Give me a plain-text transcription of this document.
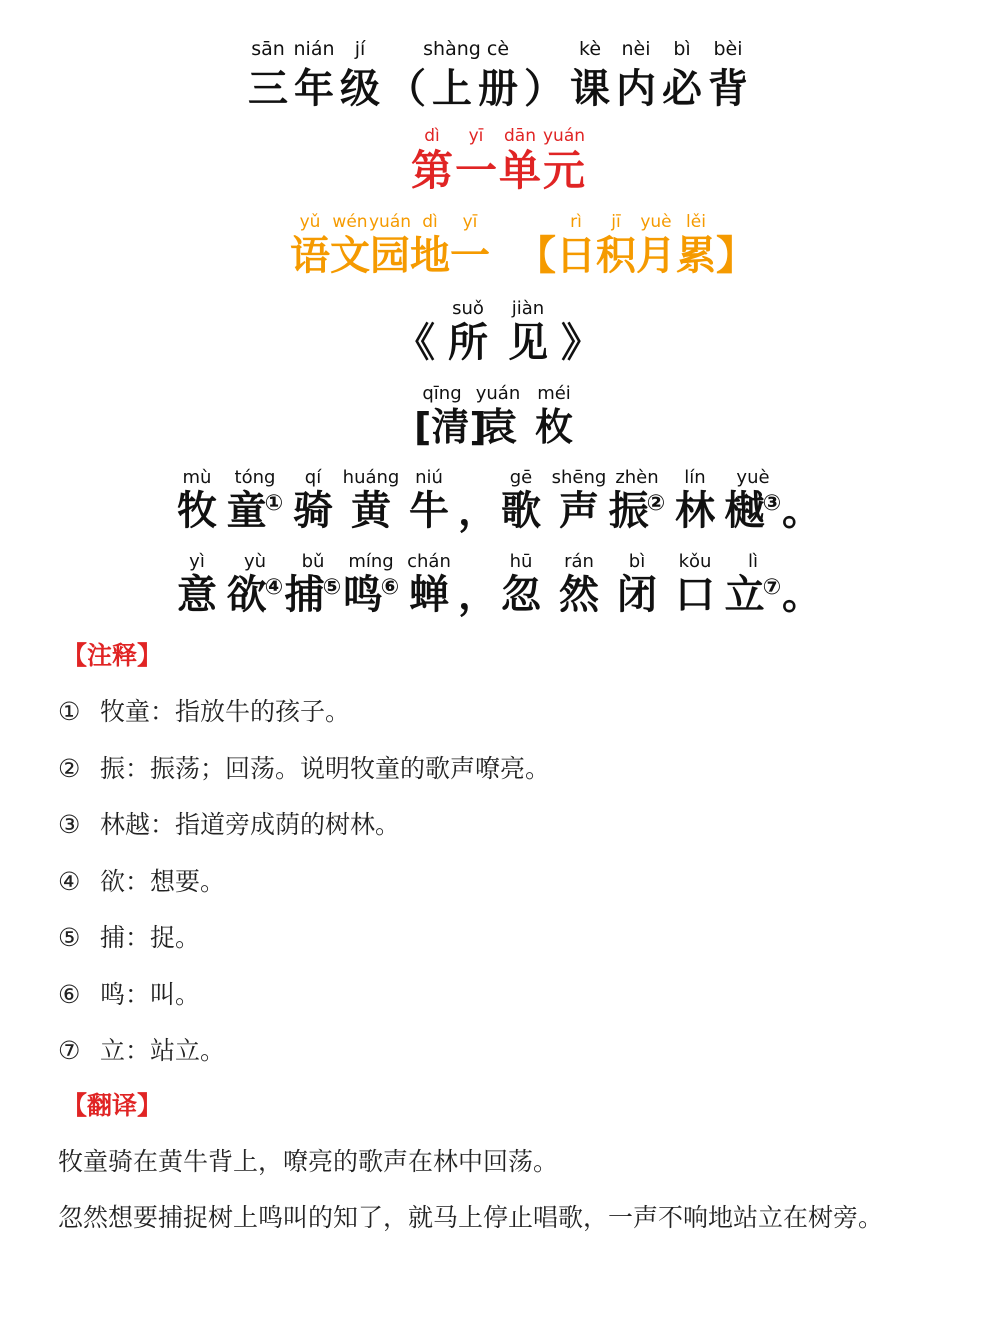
sān
三
nián
年
jí
级 （
shàng
上
cè
册 ）
kè
课
nèi
内
bì
必
bèi
背
dì
第
yī
一
dān
单
yuán
元
yǔ
语
wén
文
yuán
园
dì
地
yī
一 【
rì
日
jī
积
yuè
月
lěi
累 】
《
suǒ
所
jiàn
见 》
qīng
[清]
yuán
袁
méi
枚
mù
牧
tóng
童①
qí
骑
huáng
黄
niú
牛 ，
gē
歌
shēng
声
zhèn
振②
lín
林
yuè
樾③ 。
yì
意
yù
欲④
bǔ
捕⑤
míng
鸣⑥
chán
蝉 ，
hū
忽
rán
然
bì
闭
kǒu
口
lì
立⑦ 。
【注释】
① 牧童：指放牛的孩子。
② 振：振荡；回荡。说明牧童的歌声嘹亮。
③ 林越：指道旁成荫的树林。
④ 欲：想要。
⑤ 捕：捉。
⑥ 鸣：叫。
⑦ 立：站立。
【翻译】
牧童骑在黄牛背上，嘹亮的歌声在林中回荡。
忽然想要捕捉树上鸣叫的知了，就马上停止唱歌，一声不响地站立在树旁。
